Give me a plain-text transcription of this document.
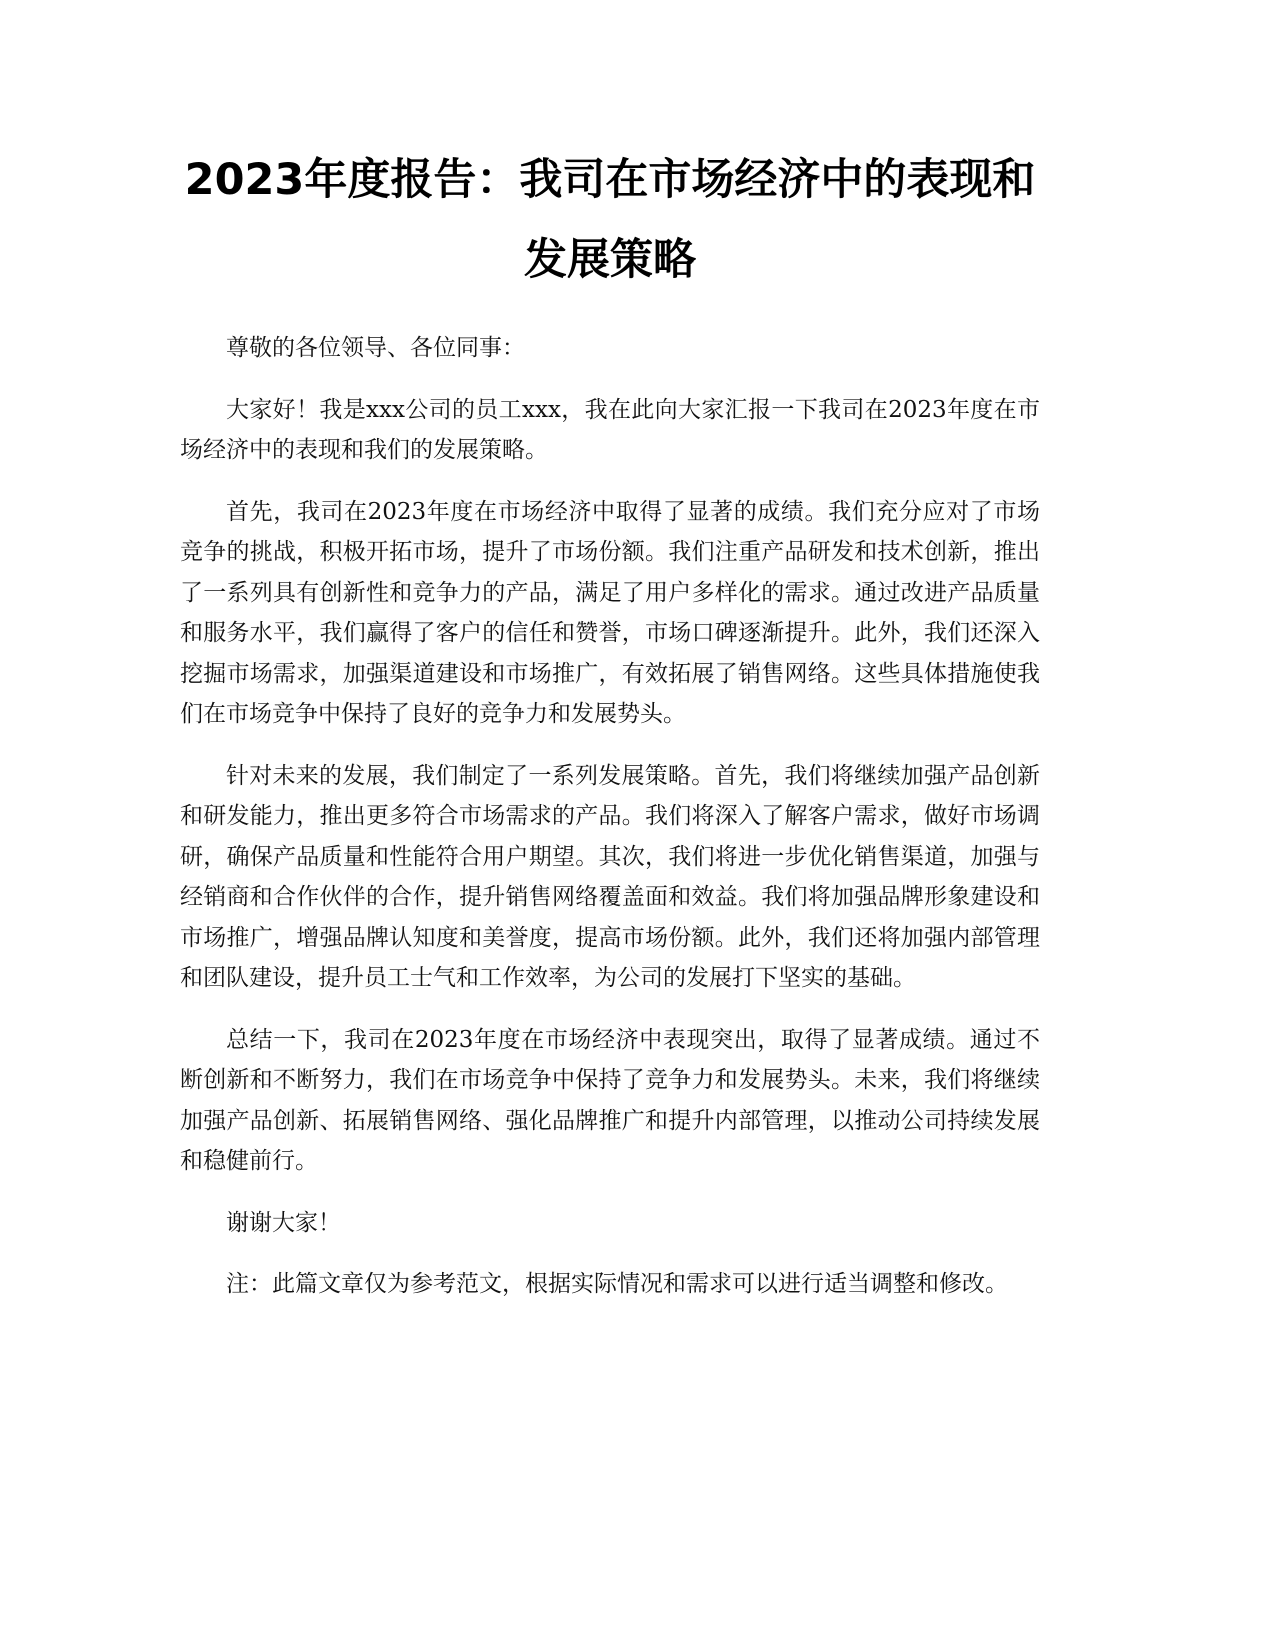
2023年度报告：我司在市场经济中的表现和
发展策略

尊敬的各位领导、各位同事：

大家好！我是xxx公司的员工xxx，我在此向大家汇报一下我司在2023年度在市场经济中的表现和我们的发展策略。

首先，我司在2023年度在市场经济中取得了显著的成绩。我们充分应对了市场竞争的挑战，积极开拓市场，提升了市场份额。我们注重产品研发和技术创新，推出了一系列具有创新性和竞争力的产品，满足了用户多样化的需求。通过改进产品质量和服务水平，我们赢得了客户的信任和赞誉，市场口碑逐渐提升。此外，我们还深入挖掘市场需求，加强渠道建设和市场推广，有效拓展了销售网络。这些具体措施使我们在市场竞争中保持了良好的竞争力和发展势头。

针对未来的发展，我们制定了一系列发展策略。首先，我们将继续加强产品创新和研发能力，推出更多符合市场需求的产品。我们将深入了解客户需求，做好市场调研，确保产品质量和性能符合用户期望。其次，我们将进一步优化销售渠道，加强与经销商和合作伙伴的合作，提升销售网络覆盖面和效益。我们将加强品牌形象建设和市场推广，增强品牌认知度和美誉度，提高市场份额。此外，我们还将加强内部管理和团队建设，提升员工士气和工作效率，为公司的发展打下坚实的基础。

总结一下，我司在2023年度在市场经济中表现突出，取得了显著成绩。通过不断创新和不断努力，我们在市场竞争中保持了竞争力和发展势头。未来，我们将继续加强产品创新、拓展销售网络、强化品牌推广和提升内部管理，以推动公司持续发展和稳健前行。

谢谢大家！

注：此篇文章仅为参考范文，根据实际情况和需求可以进行适当调整和修改。
